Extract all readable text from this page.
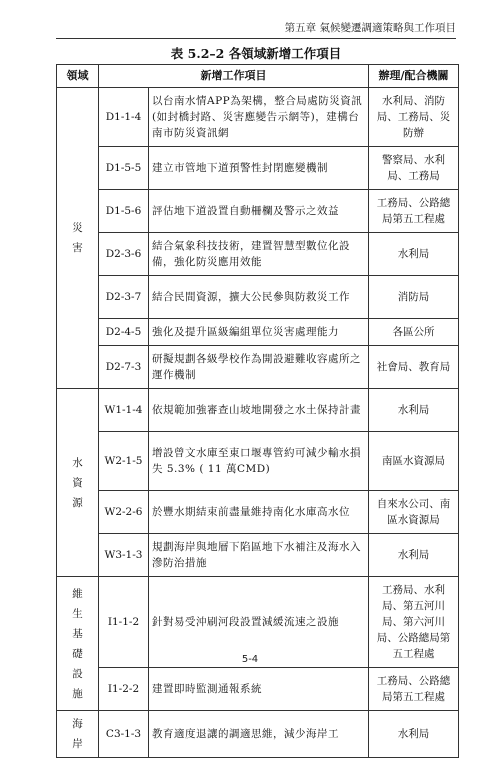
第五章 氣候變遷調適策略與工作項目
表 5.2–2 各領域新增工作項目
領域	新增工作項目		辦理/配合機關
災害	D1-1-4	以台南水情APP為架構，整合局處防災資訊(如封橋封路、災害應變告示網等)，建構台南市防災資訊網	水利局、消防局、工務局、災防辦
	D1-5-5	建立市管地下道預警性封閉應變機制	警察局、水利局、工務局
	D1-5-6	評估地下道設置自動柵欄及警示之效益	工務局、公路總局第五工程處
	D2-3-6	結合氣象科技技術，建置智慧型數位化設備，強化防災應用效能	水利局
	D2-3-7	結合民間資源，擴大公民參與防救災工作	消防局
	D2-4-5	強化及提升區級編組單位災害處理能力	各區公所
	D2-7-3	研擬規劃各級學校作為開設避難收容處所之運作機制	社會局、教育局
水資源	W1-1-4	依規範加強審查山坡地開發之水土保持計畫	水利局
	W2-1-5	增設曾文水庫至東口堰專管約可減少輸水損失 5.3% ( 11 萬CMD)	南區水資源局
	W2-2-6	於豐水期結束前盡量維持南化水庫高水位	自來水公司、南區水資源局
	W3-1-3	規劃海岸與地層下陷區地下水補注及海水入滲防治措施	水利局
維生基礎設施	I1-1-2	針對易受沖刷河段設置減緩流速之設施	工務局、水利局、第五河川局、第六河川局、公路總局第五工程處
	I1-2-2	建置即時監測通報系統	工務局、公路總局第五工程處
海岸	C3-1-3	教育適度退讓的調適思維，減少海岸工	水利局
5-4
